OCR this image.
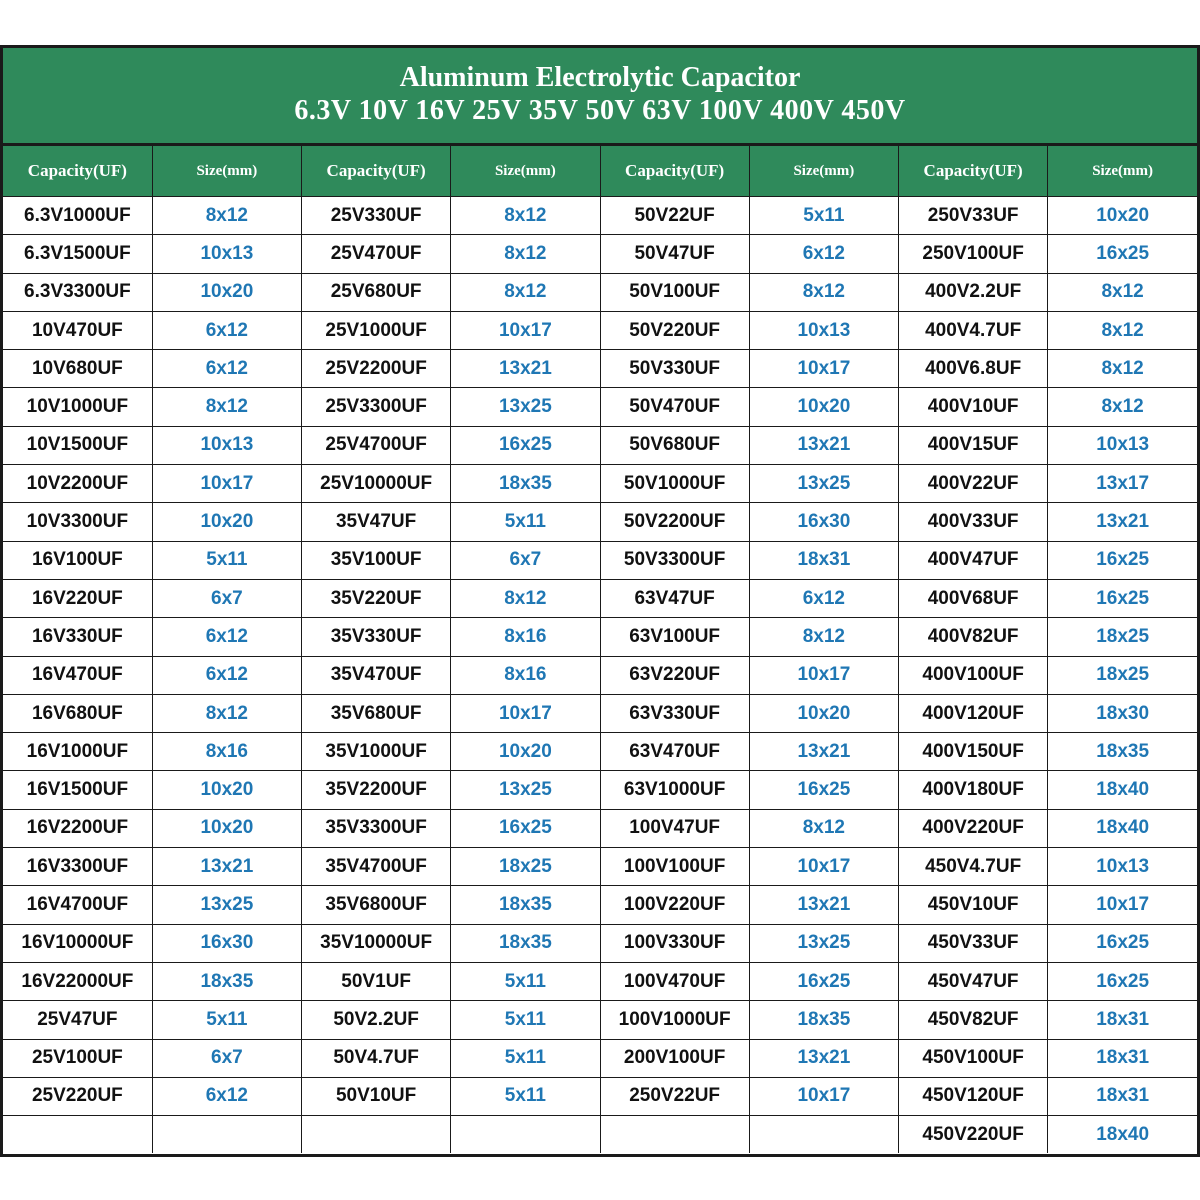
Aluminum Electrolytic Capacitor
6.3V 10V 16V 25V 35V 50V 63V 100V 400V 450V
Capacity(UF)	Size(mm)	Capacity(UF)	Size(mm)	Capacity(UF)	Size(mm)	Capacity(UF)	Size(mm)
6.3V1000UF	8x12	25V330UF	8x12	50V22UF	5x11	250V33UF	10x20
6.3V1500UF	10x13	25V470UF	8x12	50V47UF	6x12	250V100UF	16x25
6.3V3300UF	10x20	25V680UF	8x12	50V100UF	8x12	400V2.2UF	8x12
10V470UF	6x12	25V1000UF	10x17	50V220UF	10x13	400V4.7UF	8x12
10V680UF	6x12	25V2200UF	13x21	50V330UF	10x17	400V6.8UF	8x12
10V1000UF	8x12	25V3300UF	13x25	50V470UF	10x20	400V10UF	8x12
10V1500UF	10x13	25V4700UF	16x25	50V680UF	13x21	400V15UF	10x13
10V2200UF	10x17	25V10000UF	18x35	50V1000UF	13x25	400V22UF	13x17
10V3300UF	10x20	35V47UF	5x11	50V2200UF	16x30	400V33UF	13x21
16V100UF	5x11	35V100UF	6x7	50V3300UF	18x31	400V47UF	16x25
16V220UF	6x7	35V220UF	8x12	63V47UF	6x12	400V68UF	16x25
16V330UF	6x12	35V330UF	8x16	63V100UF	8x12	400V82UF	18x25
16V470UF	6x12	35V470UF	8x16	63V220UF	10x17	400V100UF	18x25
16V680UF	8x12	35V680UF	10x17	63V330UF	10x20	400V120UF	18x30
16V1000UF	8x16	35V1000UF	10x20	63V470UF	13x21	400V150UF	18x35
16V1500UF	10x20	35V2200UF	13x25	63V1000UF	16x25	400V180UF	18x40
16V2200UF	10x20	35V3300UF	16x25	100V47UF	8x12	400V220UF	18x40
16V3300UF	13x21	35V4700UF	18x25	100V100UF	10x17	450V4.7UF	10x13
16V4700UF	13x25	35V6800UF	18x35	100V220UF	13x21	450V10UF	10x17
16V10000UF	16x30	35V10000UF	18x35	100V330UF	13x25	450V33UF	16x25
16V22000UF	18x35	50V1UF	5x11	100V470UF	16x25	450V47UF	16x25
25V47UF	5x11	50V2.2UF	5x11	100V1000UF	18x35	450V82UF	18x31
25V100UF	6x7	50V4.7UF	5x11	200V100UF	13x21	450V100UF	18x31
25V220UF	6x12	50V10UF	5x11	250V22UF	10x17	450V120UF	18x31
						450V220UF	18x40
